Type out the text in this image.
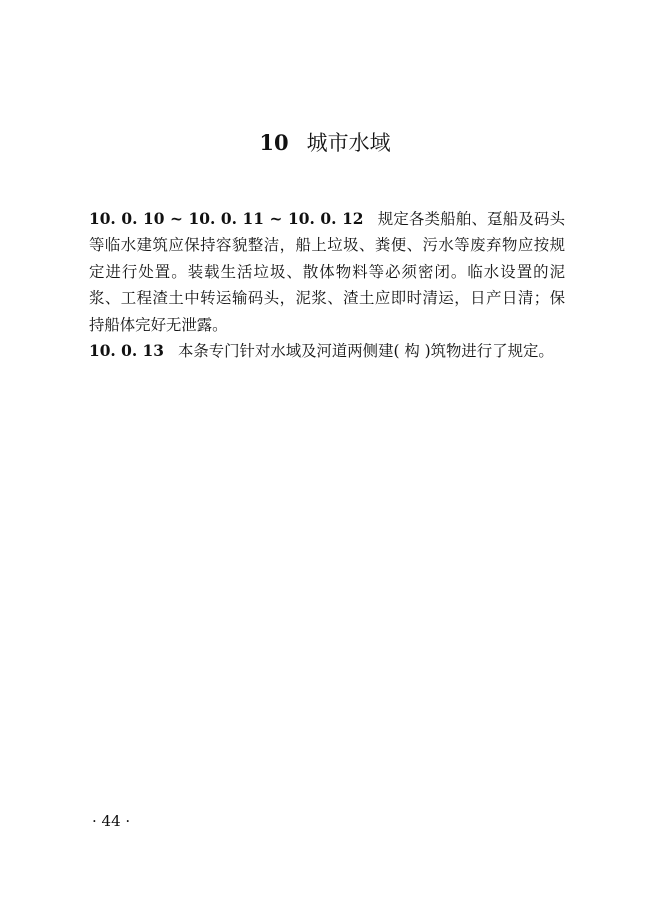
10 城市水域

10. 0. 10 ~ 10. 0. 11 ~ 10. 0. 12 规定各类船舶、趸船及码头等临水建筑应保持容貌整洁，船上垃圾、粪便、污水等废弃物应按规定进行处置。装载生活垃圾、散体物料等必须密闭。临水设置的泥浆、工程渣土中转运输码头，泥浆、渣土应即时清运，日产日清；保持船体完好无泄露。

10. 0. 13 本条专门针对水域及河道两侧建( 构 )筑物进行了规定。

· 44 ·
